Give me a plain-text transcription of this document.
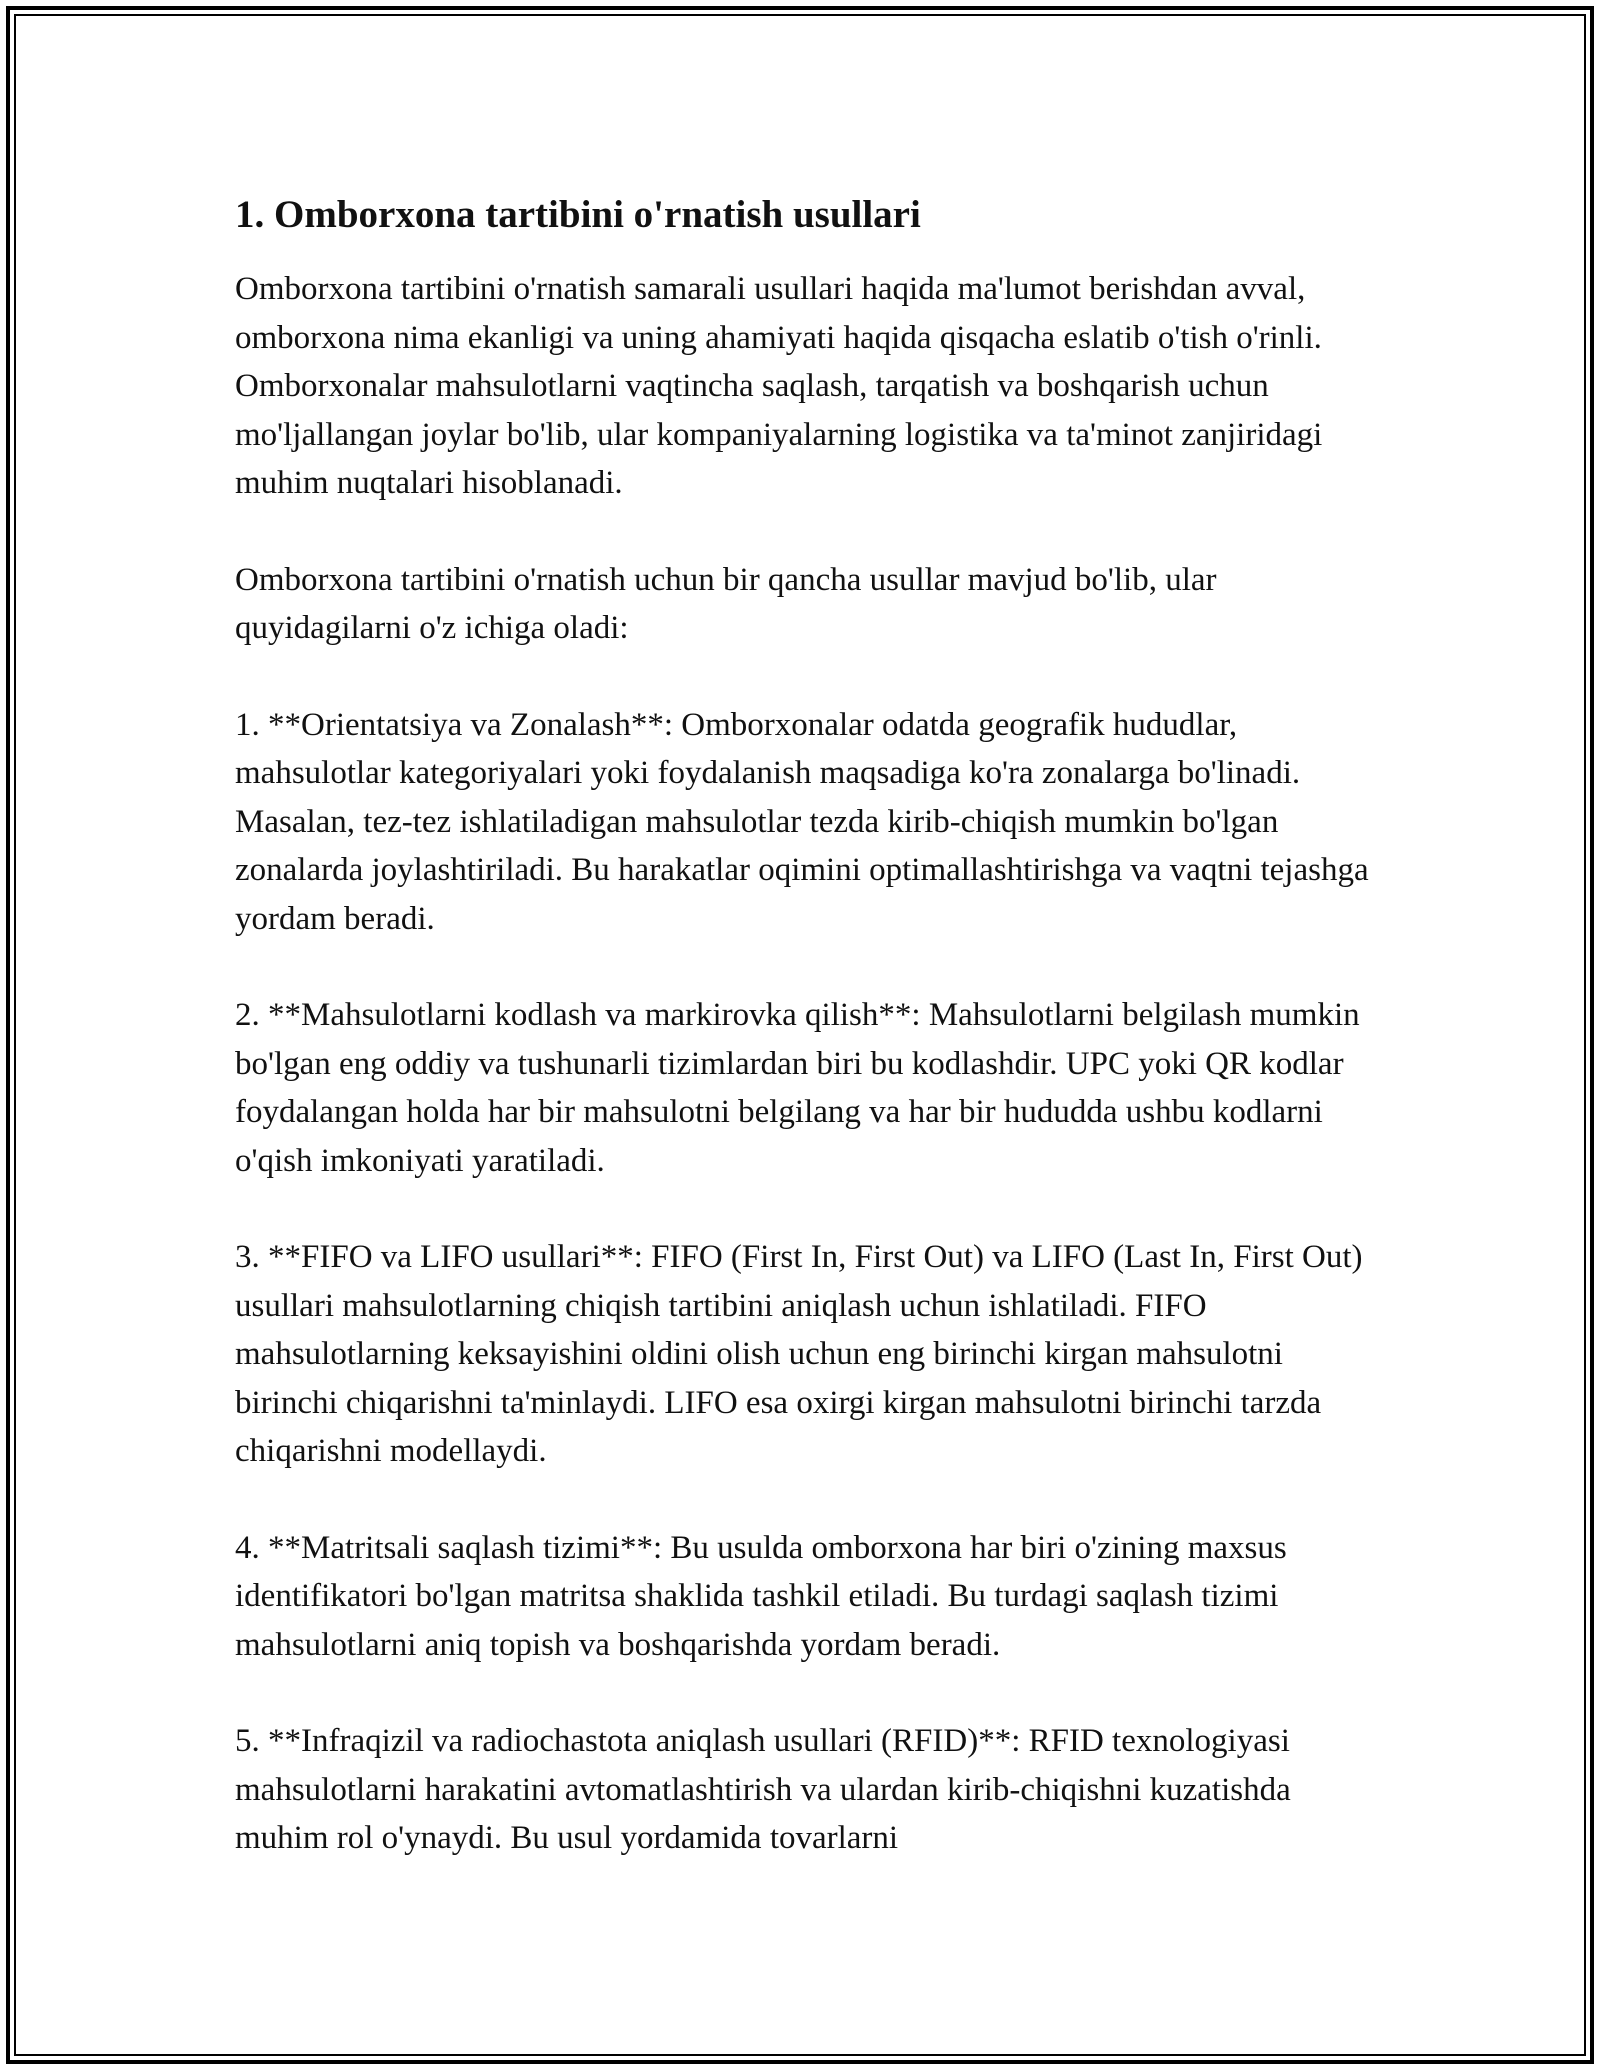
1. Omborxona tartibini o'rnatish usullari

Omborxona tartibini o'rnatish samarali usullari haqida ma'lumot berishdan avval, omborxona nima ekanligi va uning ahamiyati haqida qisqacha eslatib o'tish o'rinli. Omborxonalar mahsulotlarni vaqtincha saqlash, tarqatish va boshqarish uchun mo'ljallangan joylar bo'lib, ular kompaniyalarning logistika va ta'minot zanjiridagi muhim nuqtalari hisoblanadi.

Omborxona tartibini o'rnatish uchun bir qancha usullar mavjud bo'lib, ular quyidagilarni o'z ichiga oladi:

1. **Orientatsiya va Zonalash**: Omborxonalar odatda geografik hududlar, mahsulotlar kategoriyalari yoki foydalanish maqsadiga ko'ra zonalarga bo'linadi. Masalan, tez-tez ishlatiladigan mahsulotlar tezda kirib-chiqish mumkin bo'lgan zonalarda joylashtiriladi. Bu harakatlar oqimini optimallashtirishga va vaqtni tejashga yordam beradi.

2. **Mahsulotlarni kodlash va markirovka qilish**: Mahsulotlarni belgilash mumkin bo'lgan eng oddiy va tushunarli tizimlardan biri bu kodlashdir. UPC yoki QR kodlar foydalangan holda har bir mahsulotni belgilang va har bir hududda ushbu kodlarni o'qish imkoniyati yaratiladi.

3. **FIFO va LIFO usullari**: FIFO (First In, First Out) va LIFO (Last In, First Out) usullari mahsulotlarning chiqish tartibini aniqlash uchun ishlatiladi. FIFO mahsulotlarning keksayishini oldini olish uchun eng birinchi kirgan mahsulotni birinchi chiqarishni ta'minlaydi. LIFO esa oxirgi kirgan mahsulotni birinchi tarzda chiqarishni modellaydi.

4. **Matritsali saqlash tizimi**: Bu usulda omborxona har biri o'zining maxsus identifikatori bo'lgan matritsa shaklida tashkil etiladi. Bu turdagi saqlash tizimi mahsulotlarni aniq topish va boshqarishda yordam beradi.

5. **Infraqizil va radiochastota aniqlash usullari (RFID)**: RFID texnologiyasi mahsulotlarni harakatini avtomatlashtirish va ulardan kirib-chiqishni kuzatishda muhim rol o'ynaydi. Bu usul yordamida tovarlarni
